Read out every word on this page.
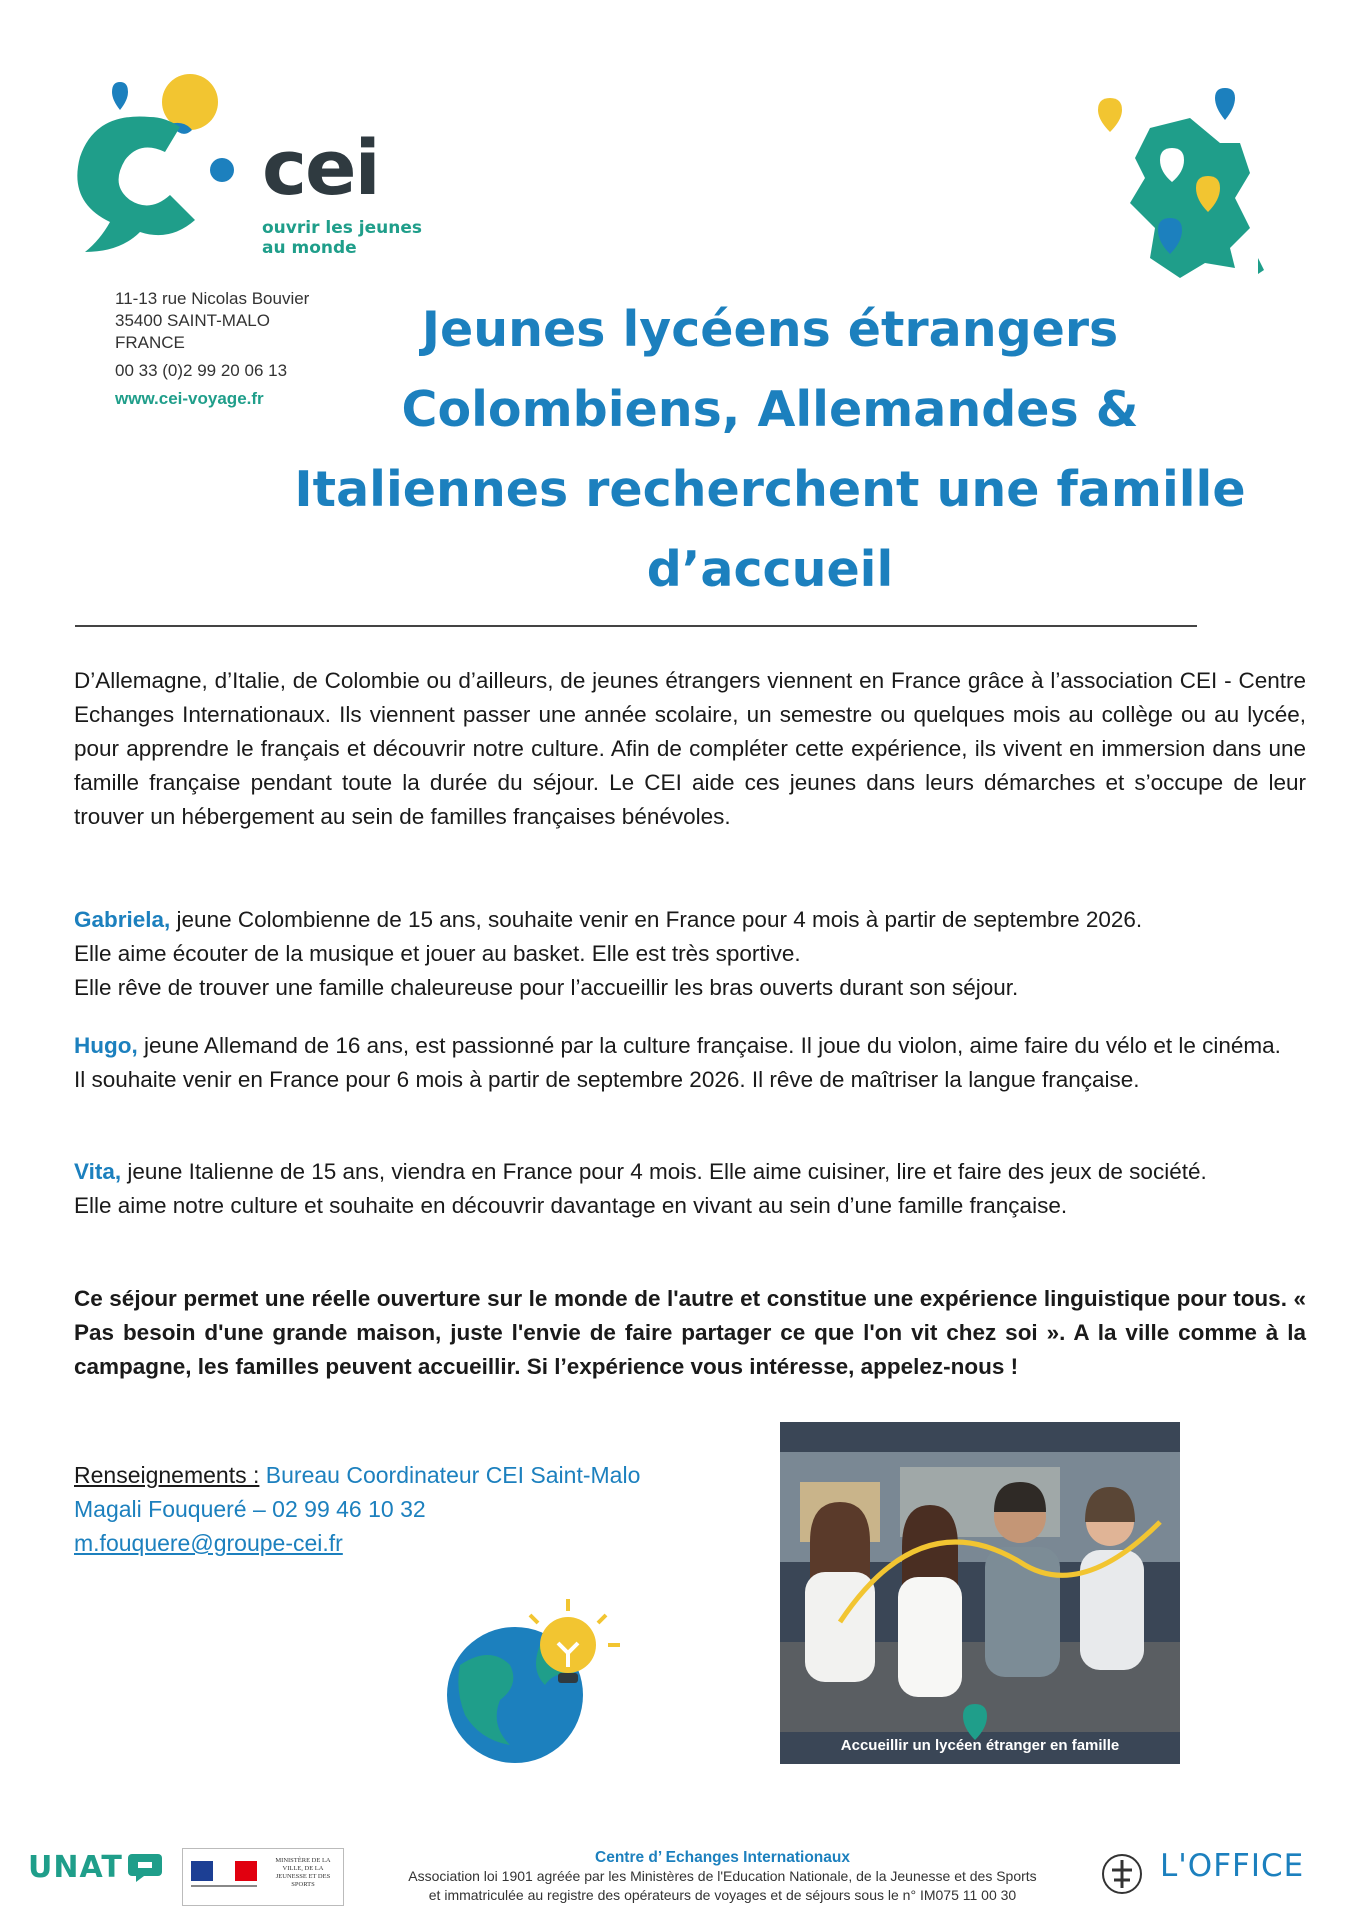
cei
ouvrir les jeunes
au monde
11-13 rue Nicolas Bouvier
35400 SAINT-MALO
FRANCE
00 33 (0)2 99 20 06 13
www.cei-voyage.fr
Jeunes lycéens étrangers
Colombiens, Allemandes &
Italiennes recherchent une famille
d’accueil
D’Allemagne, d’Italie, de Colombie ou d’ailleurs, de jeunes étrangers viennent en France grâce à l’association CEI - Centre Echanges Internationaux. Ils viennent passer une année scolaire, un semestre ou quelques mois au collège ou au lycée, pour apprendre le français et découvrir notre culture. Afin de compléter cette expérience, ils vivent en immersion dans une famille française pendant toute la durée du séjour. Le CEI aide ces jeunes dans leurs démarches et s’occupe de leur trouver un hébergement au sein de familles françaises bénévoles.
Gabriela, jeune Colombienne de 15 ans, souhaite venir en France pour 4 mois à partir de septembre 2026.
Elle aime écouter de la musique et jouer au basket. Elle est très sportive.
Elle rêve de trouver une famille chaleureuse pour l’accueillir les bras ouverts durant son séjour.
Hugo, jeune Allemand de 16 ans, est passionné par la culture française. Il joue du violon, aime faire du vélo et le cinéma.
Il souhaite venir en France pour 6 mois à partir de septembre 2026. Il rêve de maîtriser la langue française.
Vita, jeune Italienne de 15 ans, viendra en France pour 4 mois. Elle aime cuisiner, lire et faire des jeux de société.
Elle aime notre culture et souhaite en découvrir davantage en vivant au sein d’une famille française.
Ce séjour permet une réelle ouverture sur le monde de l'autre et constitue une expérience linguistique pour tous. « Pas besoin d'une grande maison, juste l'envie de faire partager ce que l'on vit chez soi ». A la ville comme à la campagne, les familles peuvent accueillir. Si l’expérience vous intéresse, appelez-nous !
Renseignements : Bureau Coordinateur CEI Saint-Malo
Magali Fouqueré – 02 99 46 10 32
m.fouquere@groupe-cei.fr
Accueillir un lycéen étranger en famille
UNAT	MINISTÈRE DE LA VILLE, DE LA JEUNESSE ET DES SPORTS
Centre d’ Echanges Internationaux
Association loi 1901 agréée par les Ministères de l'Education Nationale, de la Jeunesse et des Sports
et immatriculée au registre des opérateurs de voyages et de séjours sous le n° IM075 11 00 30
L'OFFICE
